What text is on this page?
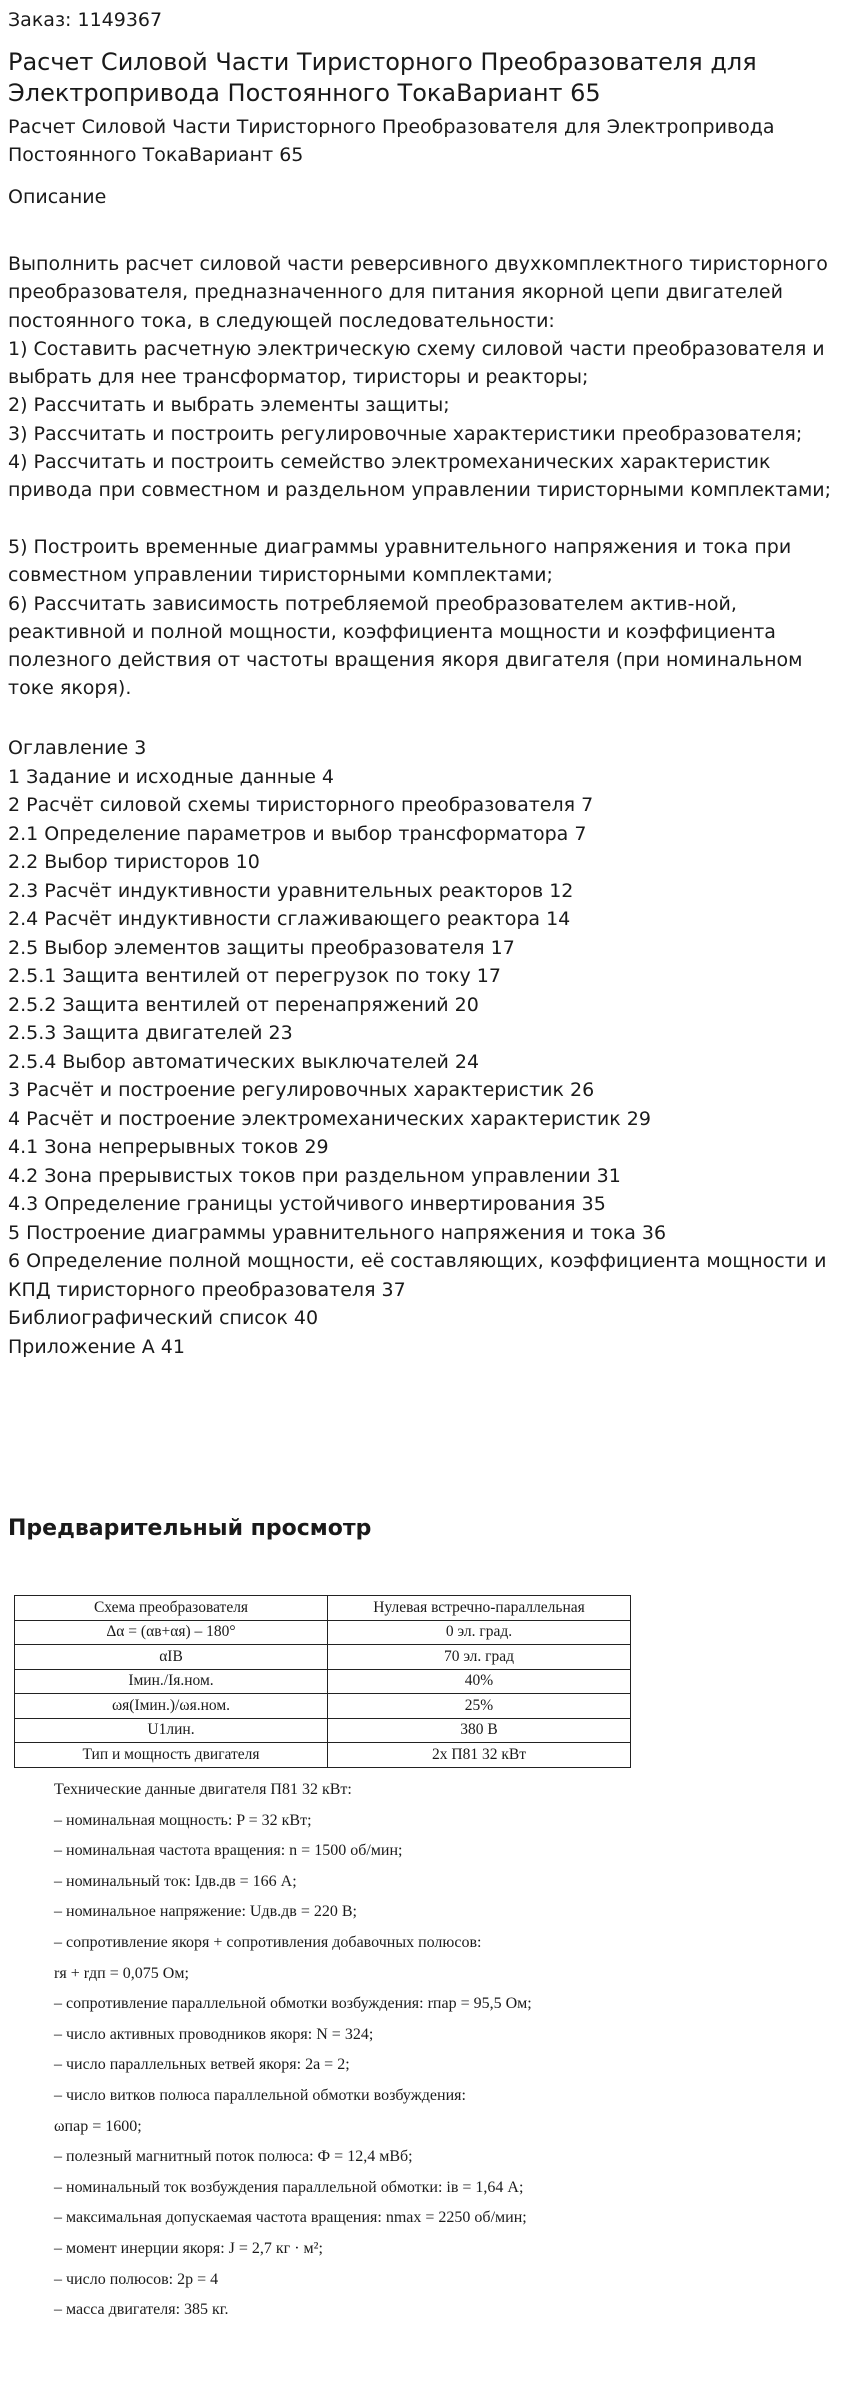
Заказ: 1149367
Расчет Силовой Части Тиристорного Преобразователя для Электропривода Постоянного ТокаВариант 65
Расчет Силовой Части Тиристорного Преобразователя для Электропривода Постоянного ТокаВариант 65
Описание

Выполнить расчет силовой части реверсивного двухкомплектного тиристорного преобразователя, предназначенного для питания якорной цепи двигателей постоянного тока, в следующей последовательности:

1) Составить расчетную электрическую схему силовой части преобразователя и выбрать для нее трансформатор, тиристоры и реакторы;

2) Рассчитать и выбрать элементы защиты;

3) Рассчитать и построить регулировочные характеристики преобразователя;

4) Рассчитать и построить семейство электромеханических характеристик привода при совместном и раздельном управлении тиристорными комплектами;

5) Построить временные диаграммы уравнительного напряжения и тока при совместном управлении тиристорными комплектами;

6) Рассчитать зависимость потребляемой преобразователем актив-ной, реактивной и полной мощности, коэффициента мощности и коэффициента полезного действия от частоты вращения якоря двигателя (при номинальном токе якоря).

Оглавление 3
1 Задание и исходные данные 4
2 Расчёт силовой схемы тиристорного преобразователя 7
2.1 Определение параметров и выбор трансформатора 7
2.2 Выбор тиристоров 10
2.3 Расчёт индуктивности уравнительных реакторов 12
2.4 Расчёт индуктивности сглаживающего реактора 14
2.5 Выбор элементов защиты преобразователя 17
2.5.1 Защита вентилей от перегрузок по току 17
2.5.2 Защита вентилей от перенапряжений 20
2.5.3 Защита двигателей 23
2.5.4 Выбор автоматических выключателей 24
3 Расчёт и построение регулировочных характеристик 26
4 Расчёт и построение электромеханических характеристик 29
4.1 Зона непрерывных токов 29
4.2 Зона прерывистых токов при раздельном управлении 31
4.3 Определение границы устойчивого инвертирования 35
5 Построение диаграммы уравнительного напряжения и тока 36
6 Определение полной мощности, её составляющих, коэффициента мощности и КПД тиристорного преобразователя 37
Библиографический список 40
Приложение А 41
Предварительный просмотр
Схема преобразователя	Нулевая встречно-параллельная
Δα = (αв+αя) – 180°	0 эл. град.
αIВ	70 эл. град
Iмин./Iя.ном.	40%
ωя(Iмин.)/ωя.ном.	25%
U1лин.	380 В
Тип и мощность двигателя	2х П81 32 кВт
Технические данные двигателя П81 32 кВт:
– номинальная мощность: P = 32 кВт;
– номинальная частота вращения: n = 1500 об/мин;
– номинальный ток: Iдв.дв = 166 А;
– номинальное напряжение: Uдв.дв = 220 В;
– сопротивление якоря + сопротивления добавочных полюсов:
rя + rдп = 0,075 Ом;
– сопротивление параллельной обмотки возбуждения: rпар = 95,5 Ом;
– число активных проводников якоря: N = 324;
– число параллельных ветвей якоря: 2a = 2;
– число витков полюса параллельной обмотки возбуждения:
ωпар = 1600;
– полезный магнитный поток полюса: Ф = 12,4 мВб;
– номинальный ток возбуждения параллельной обмотки: iв = 1,64 А;
– максимальная допускаемая частота вращения: nmax = 2250 об/мин;
– момент инерции якоря: J = 2,7 кг · м²;
– число полюсов: 2p = 4
– масса двигателя: 385 кг.
